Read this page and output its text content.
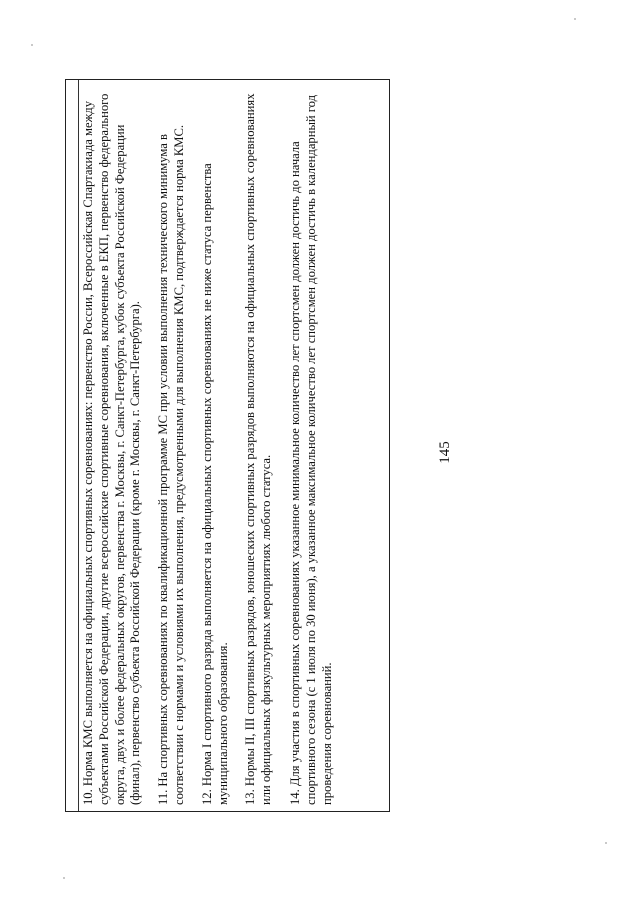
145

10. Норма КМС выполняется на официальных спортивных соревнованиях: первенство России, Всероссийская Спартакиада между субъектами Российской Федерации, другие всероссийские спортивные соревнования, включенные в ЕКП, первенство федерального округа, двух и более федеральных округов, первенства г. Москвы, г. Санкт-Петербурга, кубок субъекта Российской Федерации (финал), первенство субъекта Российской Федерации (кроме г. Москвы, г. Санкт-Петербурга). 11. На спортивных соревнованиях по квалификационной программе МС при условии выполнения технического минимума в соответствии с нормами и условиями их выполнения, предусмотренными для выполнения КМС, подтверждается норма КМС. 12. Норма I спортивного разряда выполняется на официальных спортивных соревнованиях не ниже статуса первенства муниципального образования. 13. Нормы II, III спортивных разрядов, юношеских спортивных разрядов выполняются на официальных спортивных соревнованиях или официальных физкультурных мероприятиях любого статуса. 14. Для участия в спортивных соревнованиях указанное минимальное количество лет спортсмен должен достичь до начала спортивного сезона (с 1 июля по 30 июня), а указанное максимальное количество лет спортсмен должен достичь в календарный год проведения соревнований.
